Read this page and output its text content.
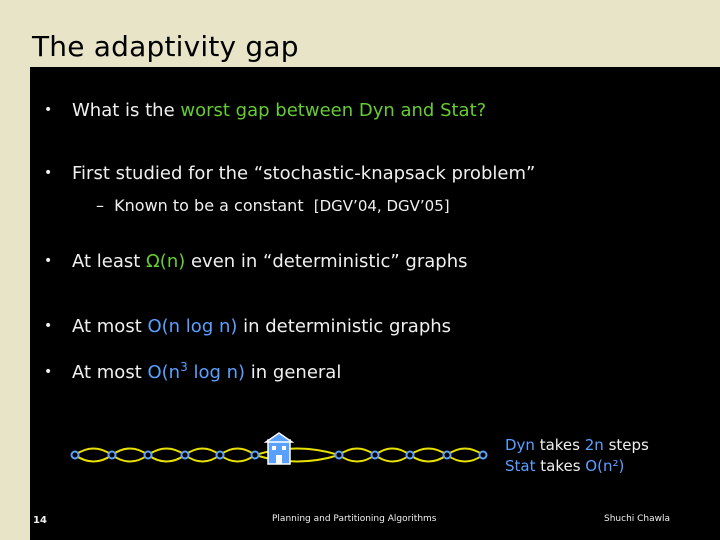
The adaptivity gap
• What is the worst gap between Dyn and Stat?
• First studied for the “stochastic-knapsack problem”
– Known to be a constant [DGV’04, DGV’05]
• At least Ω(n) even in “deterministic” graphs
• At most O(n log n) in deterministic graphs
• At most $O(n^3$ log n) in general
Dyn takes 2n steps
Stat takes O(n²)
14	Planning and Partitioning Algorithms	Shuchi Chawla
